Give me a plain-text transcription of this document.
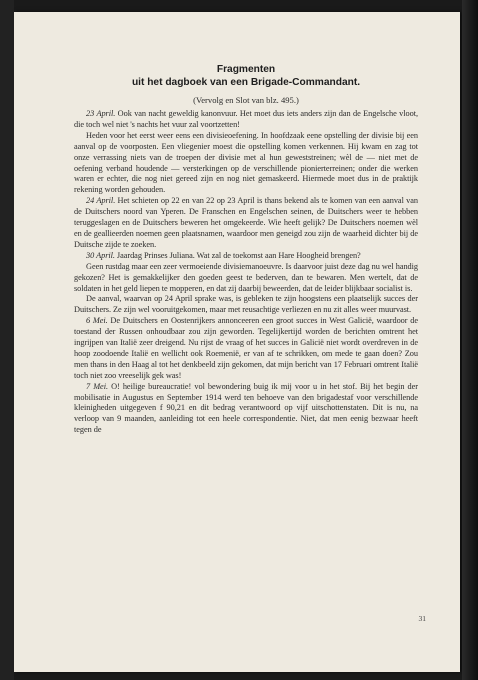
Fragmenten
uit het dagboek van een Brigade-Commandant.
(Vervolg en Slot van blz. 495.)

23 April. Ook van nacht geweldig kanonvuur. Het moet dus iets anders zijn dan de Engelsche vloot, die toch wel niet 's nachts het vuur zal voortzetten!

Heden voor het eerst weer eens een divisieoefening. In hoofdzaak eene opstelling der divisie bij een aanval op de voorposten. Een vliegenier moest die opstelling komen verkennen. Hij kwam en zag tot onze verrassing niets van de troepen der divisie met al hun geweststreinen; wèl de — niet met de oefening verband houdende — versterkingen op de verschillende pionierterreinen; onder die werken waren er echter, die nog niet gereed zijn en nog niet gemaskeerd. Hiermede moet dus in de praktijk rekening worden gehouden.

24 April. Het schieten op 22 en van 22 op 23 April is thans bekend als te komen van een aanval van de Duitschers noord van Yperen. De Franschen en Engelschen seinen, de Duitschers weer te hebben teruggeslagen en de Duitschers beweren het omgekeerde. Wie heeft gelijk? De Duitschers noemen wèl en de geallieerden noemen geen plaatsnamen, waardoor men geneigd zou zijn de waarheid dichter bij de Duitsche zijde te zoeken.

30 April. Jaardag Prinses Juliana. Wat zal de toekomst aan Hare Hoogheid brengen?

Geen rustdag maar een zeer vermoeiende divisiemanoeuvre. Is daarvoor juist deze dag nu wel handig gekozen? Het is gemakkelijker den goeden geest te bederven, dan te bewaren. Men wertelt, dat de soldaten in het geld liepen te mopperen, en dat zij daarbij beweerden, dat de leider blijkbaar socialist is.

De aanval, waarvan op 24 April sprake was, is gebleken te zijn hoogstens een plaatselijk succes der Duitschers. Ze zijn wel vooruitgekomen, maar met reusachtige verliezen en nu zit alles weer muurvast.

6 Mei. De Duitschers en Oostenrijkers annonceeren een groot succes in West Galicië, waardoor de toestand der Russen onhoudbaar zou zijn geworden. Tegelijkertijd worden de berichten omtrent het ingrijpen van Italië zeer dreigend. Nu rijst de vraag of het succes in Galicië niet wordt overdreven in de hoop zoodoende Italië en wellicht ook Roemenië, er van af te schrikken, om mede te gaan doen? Zou men thans in den Haag al tot het denkbeeld zijn gekomen, dat mijn bericht van 17 Februari omtrent Italië toch niet zoo vreeselijk gek was!

7 Mei. O! heilige bureaucratie! vol bewondering buig ik mij voor u in het stof. Bij het begin der mobilisatie in Augustus en September 1914 werd ten behoeve van den brigadestaf voor verschillende kleinigheden uitgegeven f 90,21 en dit bedrag verantwoord op vijf uitschottenstaten. Dit is nu, na verloop van 9 maanden, aanleiding tot een heele correspondentie. Niet, dat men eenig bezwaar heeft tegen de

31
